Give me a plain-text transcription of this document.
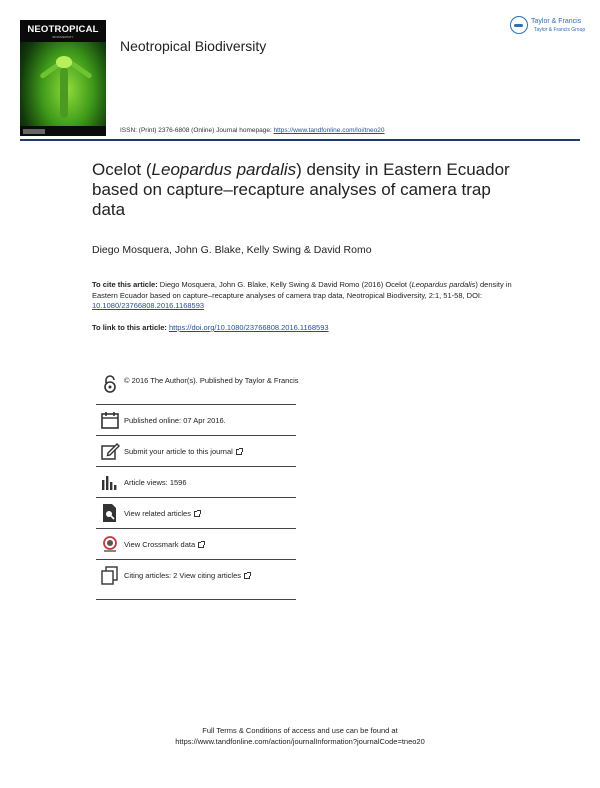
NEOTROPICAL
BIODIVERSITY
Neotropical Biodiversity
Taylor & Francis
Taylor & Francis Group
ISSN: (Print) 2376-6808 (Online) Journal homepage: https://www.tandfonline.com/loi/tneo20
Ocelot (Leopardus pardalis) density in Eastern Ecuador based on capture–recapture analyses of camera trap data
Diego Mosquera, John G. Blake, Kelly Swing & David Romo
To cite this article: Diego Mosquera, John G. Blake, Kelly Swing & David Romo (2016) Ocelot (Leopardus pardalis) density in Eastern Ecuador based on capture–recapture analyses of camera trap data, Neotropical Biodiversity, 2:1, 51-58, DOI: 10.1080/23766808.2016.1168593
To link to this article: https://doi.org/10.1080/23766808.2016.1168593
© 2016 The Author(s). Published by Taylor & Francis
Published online: 07 Apr 2016.
Submit your article to this journal
Article views: 1596
View related articles
View Crossmark data
Citing articles: 2 View citing articles
Full Terms & Conditions of access and use can be found at
https://www.tandfonline.com/action/journalInformation?journalCode=tneo20
